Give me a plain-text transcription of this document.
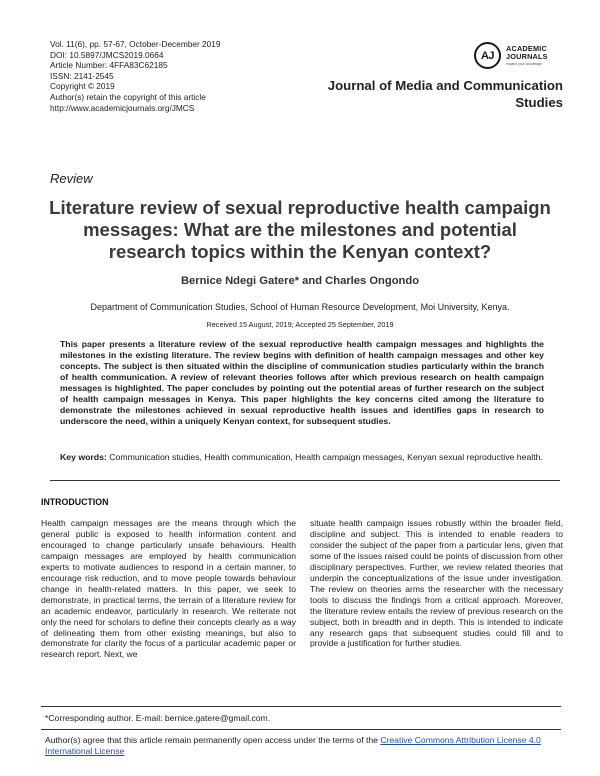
Vol. 11(6), pp. 57-67, October-December 2019
DOI: 10.5897/JMCS2019.0664
Article Number: 4FFA83C62185
ISSN: 2141-2545
Copyright © 2019
Author(s) retain the copyright of this article
http://www.academicjournals.org/JMCS
AJ
ACADEMIC
JOURNALS
expand your knowledge
Journal of Media and Communication Studies
Review
Literature review of sexual reproductive health campaign messages: What are the milestones and potential research topics within the Kenyan context?
Bernice Ndegi Gatere* and Charles Ongondo
Department of Communication Studies, School of Human Resource Development, Moi University, Kenya.
Received 15 August, 2019; Accepted 25 September, 2019
This paper presents a literature review of the sexual reproductive health campaign messages and highlights the milestones in the existing literature. The review begins with definition of health campaign messages and other key concepts. The subject is then situated within the discipline of communication studies particularly within the branch of health communication. A review of relevant theories follows after which previous research on health campaign messages is highlighted. The paper concludes by pointing out the potential areas of further research on the subject of health campaign messages in Kenya. This paper highlights the key concerns cited among the literature to demonstrate the milestones achieved in sexual reproductive health issues and identifies gaps in research to underscore the need, within a uniquely Kenyan context, for subsequent studies.
Key words: Communication studies, Health communication, Health campaign messages, Kenyan sexual reproductive health.
INTRODUCTION
Health campaign messages are the means through which the general public is exposed to health information content and encouraged to change particularly unsafe behaviours. Health campaign messages are employed by health communication experts to motivate audiences to respond in a certain manner, to encourage risk reduction, and to move people towards behaviour change in health-related matters. In this paper, we seek to demonstrate, in practical terms, the terrain of a literature review for an academic endeavor, particularly in research. We reiterate not only the need for scholars to define their concepts clearly as a way of delineating them from other existing meanings, but also to demonstrate for clarity the focus of a particular academic paper or research report. Next, we
situate health campaign issues robustly within the broader field, discipline and subject. This is intended to enable readers to consider the subject of the paper from a particular lens, given that some of the issues raised could be points of discussion from other disciplinary perspectives. Further, we review related theories that underpin the conceptualizations of the issue under investigation. The review on theories arms the researcher with the necessary tools to discuss the findings from a critical approach. Moreover, the literature review entails the review of previous research on the subject, both in breadth and in depth. This is intended to indicate any research gaps that subsequent studies could fill and to provide a justification for further studies.
*Corresponding author. E-mail: bernice.gatere@gmail.com.
Author(s) agree that this article remain permanently open access under the terms of the Creative Commons Attribution License 4.0 International License
